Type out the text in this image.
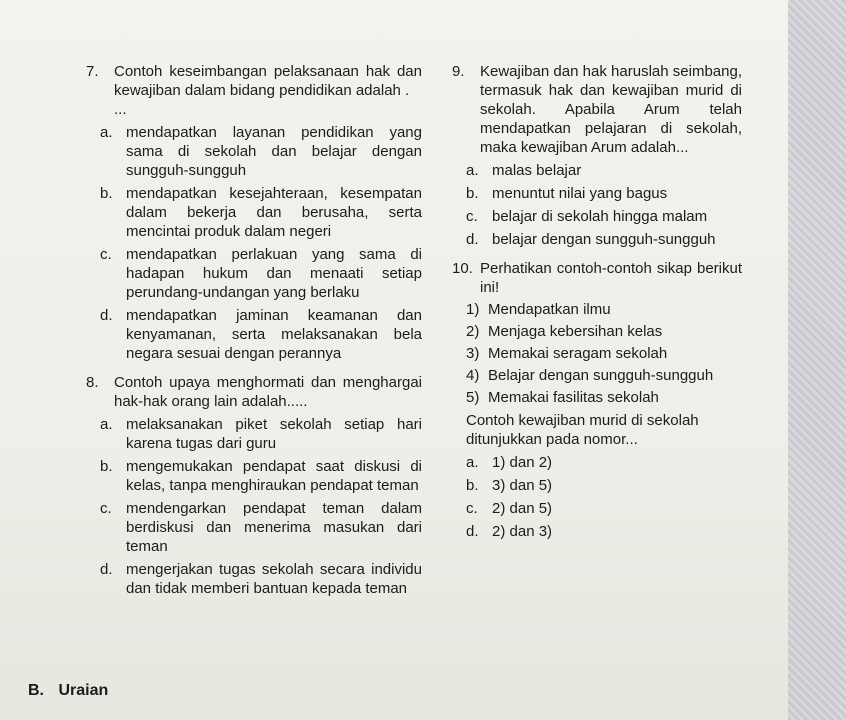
7.	Contoh keseimbangan pelaksanaan hak dan kewajiban dalam bidang pendidikan adalah .
...
a. mendapatkan layanan pendidikan yang sama di sekolah dan belajar dengan sungguh-sungguh
b. mendapatkan kesejahteraan, kesempatan dalam bekerja dan berusaha, serta mencintai produk dalam negeri
c. mendapatkan perlakuan yang sama di hadapan hukum dan menaati setiap perundang-undangan yang berlaku
d. mendapatkan jaminan keamanan dan kenyamanan, serta melaksanakan bela negara sesuai dengan perannya
8.	Contoh upaya menghormati dan menghargai hak-hak orang lain adalah.....
a. melaksanakan piket sekolah setiap hari karena tugas dari guru
b. mengemukakan pendapat saat diskusi di kelas, tanpa menghiraukan pendapat teman
c. mendengarkan pendapat teman dalam berdiskusi dan menerima masukan dari teman
d. mengerjakan tugas sekolah secara individu dan tidak memberi bantuan kepada teman
9.	Kewajiban dan hak haruslah seimbang, termasuk hak dan kewajiban murid di sekolah. Apabila Arum telah mendapatkan pelajaran di sekolah, maka kewajiban Arum adalah...
a. malas belajar
b. menuntut nilai yang bagus
c. belajar di sekolah hingga malam
d. belajar dengan sungguh-sungguh
10. Perhatikan contoh-contoh sikap berikut ini!
1) Mendapatkan ilmu
2) Menjaga kebersihan kelas
3) Memakai seragam sekolah
4) Belajar dengan sungguh-sungguh
5) Memakai fasilitas sekolah
Contoh kewajiban murid di sekolah ditunjukkan pada nomor...
a. 1) dan 2)
b. 3) dan 5)
c. 2) dan 5)
d. 2) dan 3)
B. Uraian
